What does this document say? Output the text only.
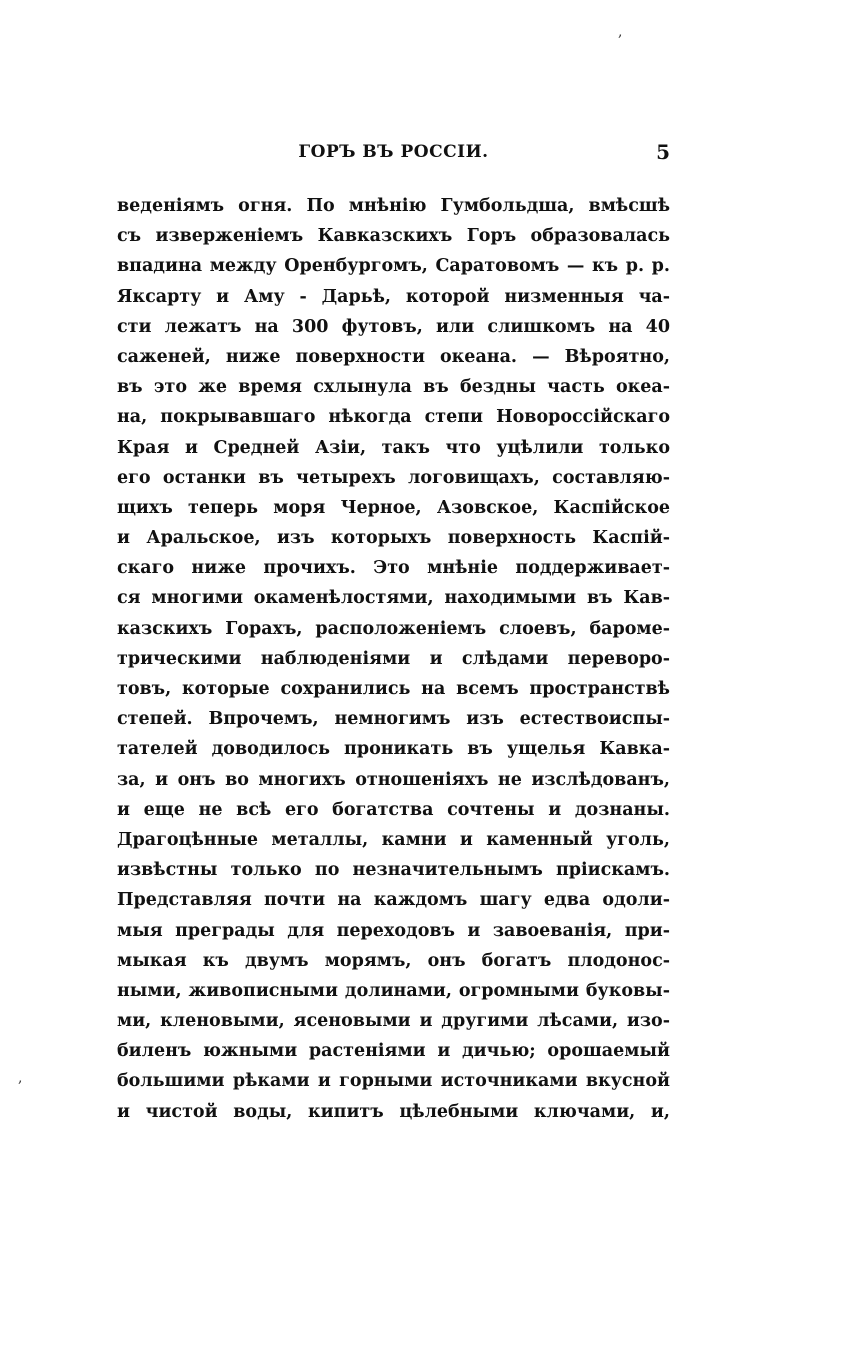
,
,
ГОРЪ ВЪ РОССІИ.	5
веденіямъ огня. По мнѣнію Гумбольдша, вмѣсшѣ
съ изверженіемъ Кавказскихъ Горъ образовалась
впадина между Оренбургомъ, Саратовомъ — къ р. р.
Яксарту и Аму - Дарьѣ, которой низменныя ча-
сти лежатъ на 300 футовъ, или слишкомъ на 40
саженей, ниже поверхности океана. — Вѣроятно,
въ это же время схлынула въ бездны часть океа-
на, покрывавшаго нѣкогда степи Новороссійскаго
Края и Средней Азіи, такъ что уцѣлили только
его останки въ четырехъ логовищахъ, составляю-
щихъ теперь моря Черное, Азовское, Каспійское
и Аральское, изъ которыхъ поверхность Каспій-
скаго ниже прочихъ. Это мнѣніе поддерживает-
ся многими окаменѣлостями, находимыми въ Кав-
казскихъ Горахъ, расположеніемъ слоевъ, бароме-
трическими наблюденіями и слѣдами переворо-
товъ, которые сохранились на всемъ пространствѣ
степей. Впрочемъ, немногимъ изъ естествоиспы-
тателей доводилось проникать въ ущелья Кавка-
за, и онъ во многихъ отношеніяхъ не изслѣдованъ,
и еще не всѣ его богатства сочтены и дознаны.
Драгоцѣнные металлы, камни и каменный уголь,
извѣстны только по незначительнымъ пріискамъ.
Представляя почти на каждомъ шагу едва одоли-
мыя преграды для переходовъ и завоеванія, при-
мыкая къ двумъ морямъ, онъ богатъ плодонос-
ными, живописными долинами, огромными буковы-
ми, кленовыми, ясеновыми и другими лѣсами, изо-
биленъ южными растеніями и дичью; орошаемый
большими рѣками и горными источниками вкусной
и чистой воды, кипитъ цѣлебными ключами, и,
